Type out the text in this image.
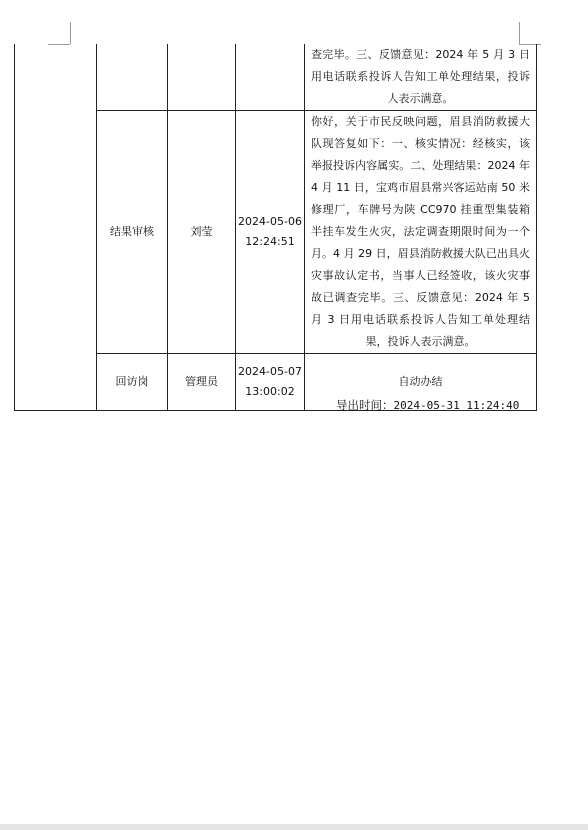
				查完毕。三、反馈意见：2024 年 5 月 3 日用电话联系投诉人告知工单处理结果，投诉人表示满意。
	结果审核	刘莹	2024-05-06 12:24:51	你好，关于市民反映问题，眉县消防救援大队现答复如下：一、核实情况：经核实，该举报投诉内容属实。二、处理结果：2024 年 4 月 11 日，宝鸡市眉县常兴客运站南 50 米修理厂，车牌号为陕 CC970 挂重型集装箱半挂车发生火灾，法定调查期限时间为一个月。4 月 29 日，眉县消防救援大队已出具火灾事故认定书，当事人已经签收，该火灾事故已调查完毕。三、反馈意见：2024 年 5 月 3 日用电话联系投诉人告知工单处理结果，投诉人表示满意。
	回访岗	管理员	2024-05-07 13:00:02	自动办结
导出时间：2024-05-31 11:24:40
